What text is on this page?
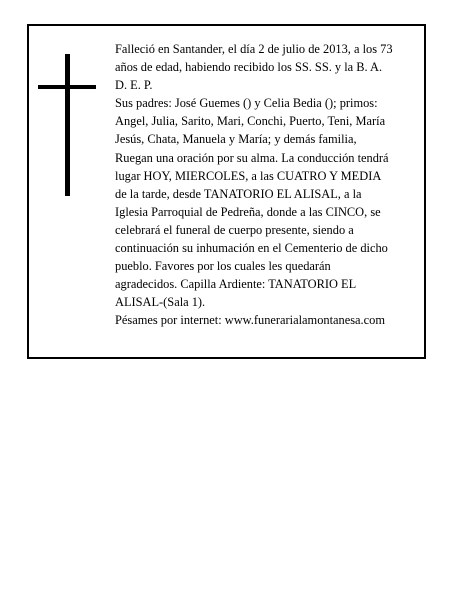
Falleció en Santander, el día 2 de julio de 2013, a los 73
años de edad, habiendo recibido los SS. SS. y la B. A.
D. E. P.
Sus padres: José Guemes () y Celia Bedia (); primos:
Angel, Julia, Sarito, Mari, Conchi, Puerto, Teni, María
Jesús, Chata, Manuela y María; y demás familia,
Ruegan una oración por su alma. La conducción tendrá
lugar HOY, MIERCOLES, a las CUATRO Y MEDIA
de la tarde, desde TANATORIO EL ALISAL, a la
Iglesia Parroquial de Pedreña, donde a las CINCO, se
celebrará el funeral de cuerpo presente, siendo a
continuación su inhumación en el Cementerio de dicho
pueblo. Favores por los cuales les quedarán
agradecidos. Capilla Ardiente: TANATORIO EL
ALISAL-(Sala 1).
Pésames por internet: www.funerarialamontanesa.com
